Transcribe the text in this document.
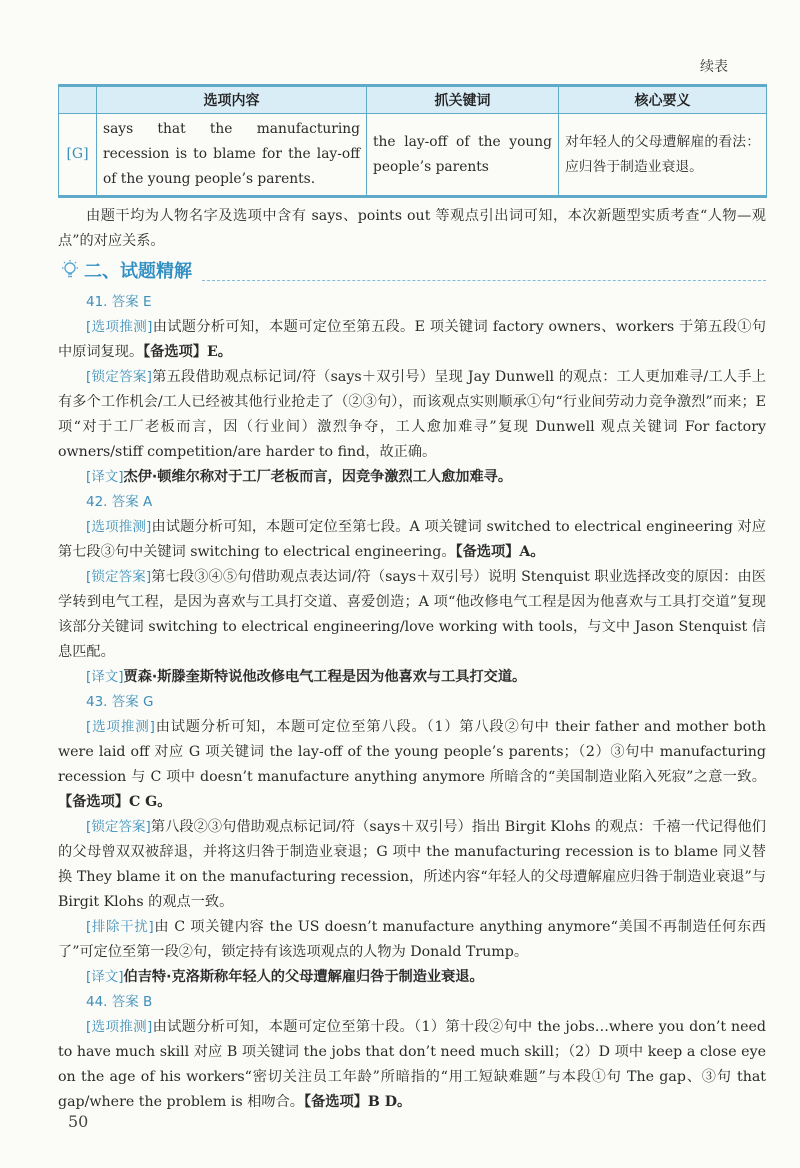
续表
	选项内容	抓关键词	核心要义
[G]	says that the manufacturing recession is to blame for the lay-off of the young people’s parents.	the lay-off of the young people’s parents	对年轻人的父母遭解雇的看法：应归咎于制造业衰退。

由题干均为人物名字及选项中含有 says、points out 等观点引出词可知，本次新题型实质考查“人物—观点”的对应关系。

二、试题精解

41. 答案 E

[选项推测]由试题分析可知，本题可定位至第五段。E 项关键词 factory owners、workers 于第五段①句中原词复现。【备选项】E。

[锁定答案]第五段借助观点标记词/符（says＋双引号）呈现 Jay Dunwell 的观点：工人更加难寻/工人手上有多个工作机会/工人已经被其他行业抢走了（②③句），而该观点实则顺承①句“行业间劳动力竞争激烈”而来；E 项“对于工厂老板而言，因（行业间）激烈争夺，工人愈加难寻”复现 Dunwell 观点关键词 For factory owners/stiff competition/are harder to find，故正确。

[译文]杰伊·顿维尔称对于工厂老板而言，因竞争激烈工人愈加难寻。

42. 答案 A

[选项推测]由试题分析可知，本题可定位至第七段。A 项关键词 switched to electrical engineering 对应第七段③句中关键词 switching to electrical engineering。【备选项】A。

[锁定答案]第七段③④⑤句借助观点表达词/符（says＋双引号）说明 Stenquist 职业选择改变的原因：由医学转到电气工程，是因为喜欢与工具打交道、喜爱创造；A 项“他改修电气工程是因为他喜欢与工具打交道”复现该部分关键词 switching to electrical engineering/love working with tools，与文中 Jason Stenquist 信息匹配。

[译文]贾森·斯滕奎斯特说他改修电气工程是因为他喜欢与工具打交道。

43. 答案 G

[选项推测]由试题分析可知，本题可定位至第八段。（1）第八段②句中 their father and mother both were laid off 对应 G 项关键词 the lay-off of the young people’s parents；（2）③句中 manufacturing recession 与 C 项中 doesn’t manufacture anything anymore 所暗含的“美国制造业陷入死寂”之意一致。【备选项】C G。

[锁定答案]第八段②③句借助观点标记词/符（says＋双引号）指出 Birgit Klohs 的观点：千禧一代记得他们的父母曾双双被辞退，并将这归咎于制造业衰退；G 项中 the manufacturing recession is to blame 同义替换 They blame it on the manufacturing recession，所述内容“年轻人的父母遭解雇应归咎于制造业衰退”与 Birgit Klohs 的观点一致。

[排除干扰]由 C 项关键内容 the US doesn’t manufacture anything anymore“美国不再制造任何东西了”可定位至第一段②句，锁定持有该选项观点的人物为 Donald Trump。

[译文]伯吉特·克洛斯称年轻人的父母遭解雇归咎于制造业衰退。

44. 答案 B

[选项推测]由试题分析可知，本题可定位至第十段。（1）第十段②句中 the jobs…where you don’t need to have much skill 对应 B 项关键词 the jobs that don’t need much skill；（2）D 项中 keep a close eye on the age of his workers“密切关注员工年龄”所暗指的“用工短缺难题”与本段①句 The gap、③句 that gap/where the problem is 相吻合。【备选项】B D。

50
